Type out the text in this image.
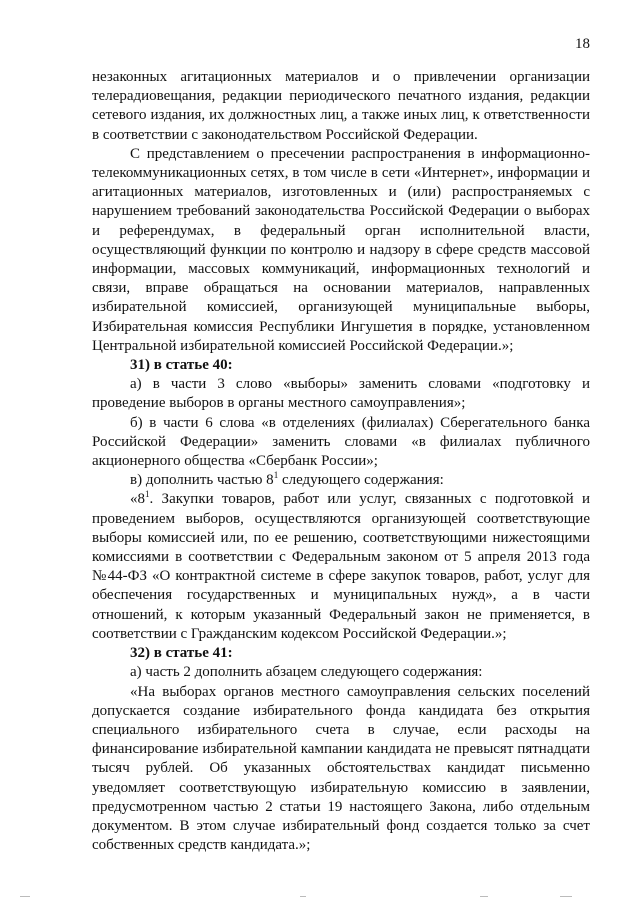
18

незаконных агитационных материалов и о привлечении организации телерадиовещания, редакции периодического печатного издания, редакции сетевого издания, их должностных лиц, а также иных лиц, к ответственности в соответствии с законодательством Российской Федерации.

С представлением о пресечении распространения в информационно-телекоммуникационных сетях, в том числе в сети «Интернет», информации и агитационных материалов, изготовленных и (или) распространяемых с нарушением требований законодательства Российской Федерации о выборах и референдумах, в федеральный орган исполнительной власти, осуществляющий функции по контролю и надзору в сфере средств массовой информации, массовых коммуникаций, информационных технологий и связи, вправе обращаться на основании материалов, направленных избирательной комиссией, организующей муниципальные выборы, Избирательная комиссия Республики Ингушетия в порядке, установленном Центральной избирательной комиссией Российской Федерации.»;

31) в статье 40:

а) в части 3 слово «выборы» заменить словами «подготовку и проведение выборов в органы местного самоуправления»;

б) в части 6 слова «в отделениях (филиалах) Сберегательного банка Российской Федерации» заменить словами «в филиалах публичного акционерного общества «Сбербанк России»;

в) дополнить частью $8^1$ следующего содержания:

«$8^1$. Закупки товаров, работ или услуг, связанных с подготовкой и проведением выборов, осуществляются организующей соответствующие выборы комиссией или, по ее решению, соответствующими нижестоящими комиссиями в соответствии с Федеральным законом от 5 апреля 2013 года №44-ФЗ «О контрактной системе в сфере закупок товаров, работ, услуг для обеспечения государственных и муниципальных нужд», а в части отношений, к которым указанный Федеральный закон не применяется, в соответствии с Гражданским кодексом Российской Федерации.»;

32) в статье 41:

а) часть 2 дополнить абзацем следующего содержания:

«На выборах органов местного самоуправления сельских поселений допускается создание избирательного фонда кандидата без открытия специального избирательного счета в случае, если расходы на финансирование избирательной кампании кандидата не превысят пятнадцати тысяч рублей. Об указанных обстоятельствах кандидат письменно уведомляет соответствующую избирательную комиссию в заявлении, предусмотренном частью 2 статьи 19 настоящего Закона, либо отдельным документом. В этом случае избирательный фонд создается только за счет собственных средств кандидата.»;
